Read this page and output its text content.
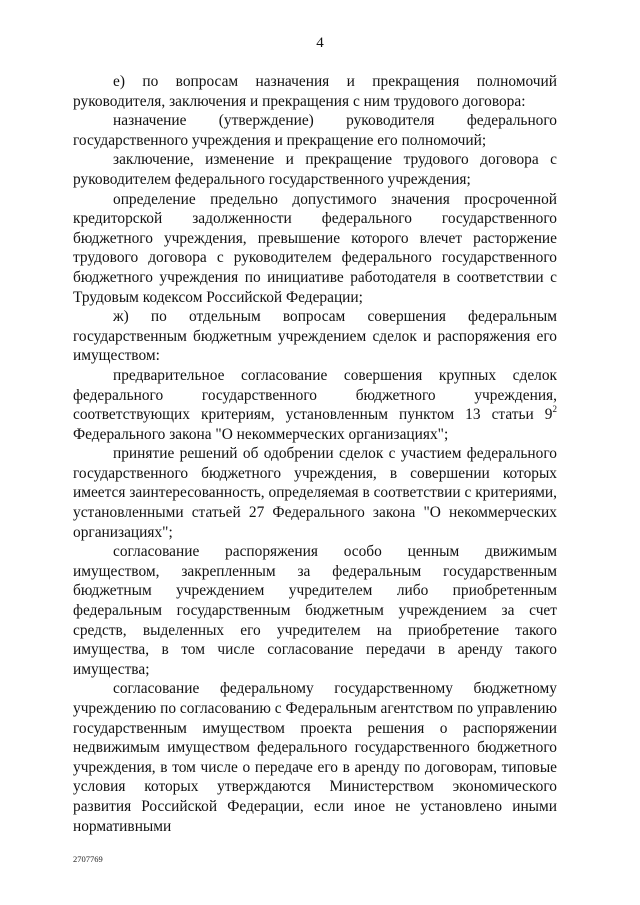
4

е) по вопросам назначения и прекращения полномочий руководителя, заключения и прекращения с ним трудового договора:

назначение (утверждение) руководителя федерального государственного учреждения и прекращение его полномочий;

заключение, изменение и прекращение трудового договора с руководителем федерального государственного учреждения;

определение предельно допустимого значения просроченной кредиторской задолженности федерального государственного бюджетного учреждения, превышение которого влечет расторжение трудового договора с руководителем федерального государственного бюджетного учреждения по инициативе работодателя в соответствии с Трудовым кодексом Российской Федерации;

ж) по отдельным вопросам совершения федеральным государственным бюджетным учреждением сделок и распоряжения его имуществом:

предварительное согласование совершения крупных сделок федерального государственного бюджетного учреждения, соответствующих критериям, установленным пунктом 13 статьи $9^2$ Федерального закона "О некоммерческих организациях";

принятие решений об одобрении сделок с участием федерального государственного бюджетного учреждения, в совершении которых имеется заинтересованность, определяемая в соответствии с критериями, установленными статьей 27 Федерального закона "О некоммерческих организациях";

согласование распоряжения особо ценным движимым имуществом, закрепленным за федеральным государственным бюджетным учреждением учредителем либо приобретенным федеральным государственным бюджетным учреждением за счет средств, выделенных его учредителем на приобретение такого имущества, в том числе согласование передачи в аренду такого имущества;

согласование федеральному государственному бюджетному учреждению по согласованию с Федеральным агентством по управлению государственным имуществом проекта решения о распоряжении недвижимым имуществом федерального государственного бюджетного учреждения, в том числе о передаче его в аренду по договорам, типовые условия которых утверждаются Министерством экономического развития Российской Федерации, если иное не установлено иными нормативными

2707769
